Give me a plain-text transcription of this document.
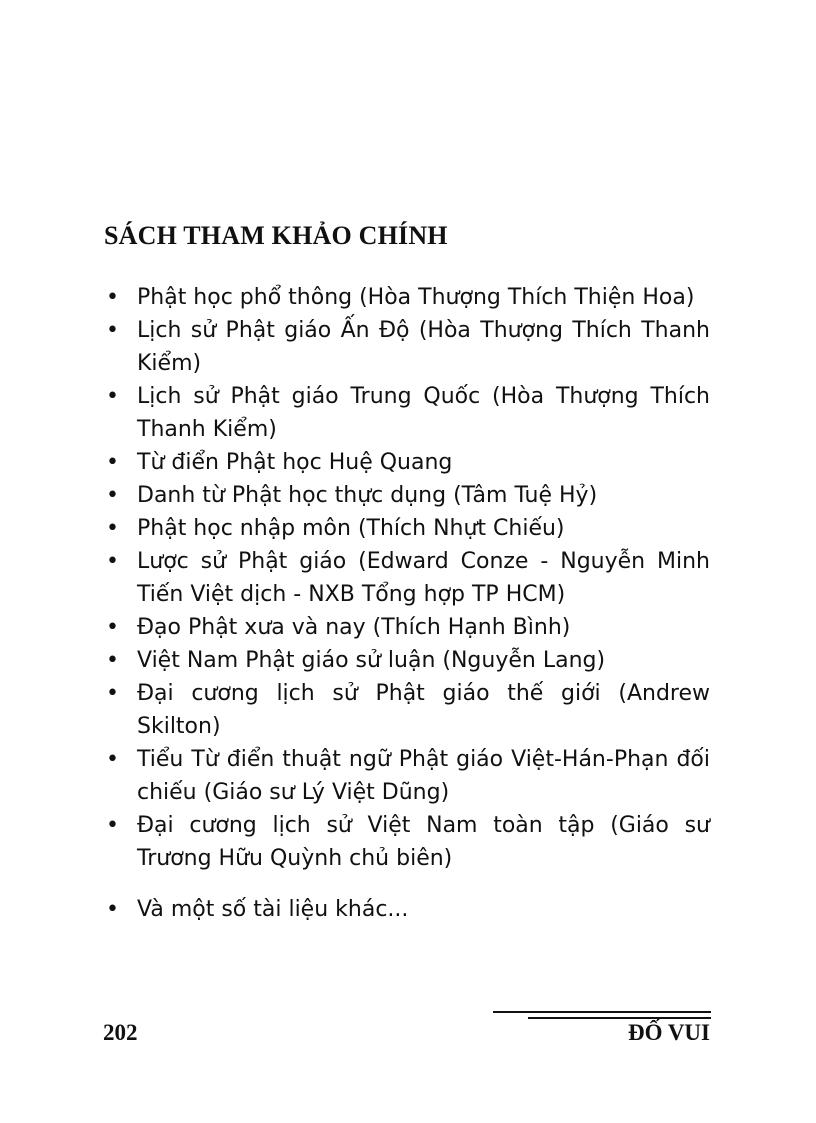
SÁCH THAM KHẢO CHÍNH
• Phật học phổ thông (Hòa Thượng Thích Thiện Hoa)
• Lịch sử Phật giáo Ấn Độ (Hòa Thượng Thích Thanh Kiểm)
• Lịch sử Phật giáo Trung Quốc (Hòa Thượng Thích Thanh Kiểm)
• Từ điển Phật học Huệ Quang
• Danh từ Phật học thực dụng (Tâm Tuệ Hỷ)
• Phật học nhập môn (Thích Nhựt Chiếu)
• Lược sử Phật giáo (Edward Conze - Nguyễn Minh Tiến Việt dịch - NXB Tổng hợp TP HCM)
• Đạo Phật xưa và nay (Thích Hạnh Bình)
• Việt Nam Phật giáo sử luận (Nguyễn Lang)
• Đại cương lịch sử Phật giáo thế giới (Andrew Skilton)
• Tiểu Từ điển thuật ngữ Phật giáo Việt-Hán-Phạn đối chiếu (Giáo sư Lý Việt Dũng)
• Đại cương lịch sử Việt Nam toàn tập (Giáo sư Trương Hữu Quỳnh chủ biên)
• Và một số tài liệu khác...
202	ĐỐ VUI
